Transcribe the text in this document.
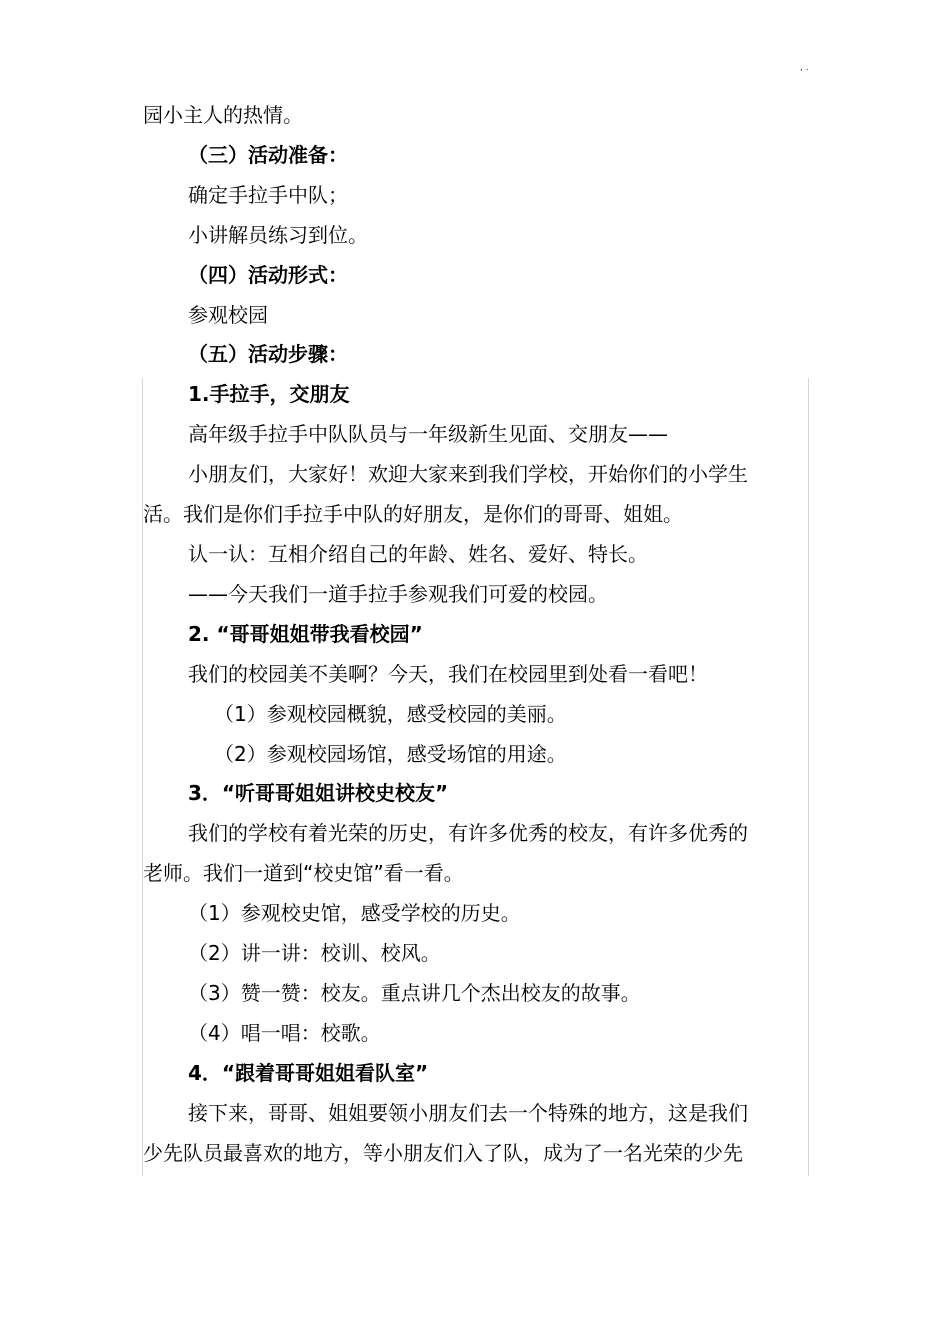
, .

园小主人的热情。

（三）活动准备：

确定手拉手中队；

小讲解员练习到位。

（四）活动形式：

参观校园

（五）活动步骤：

1.手拉手，交朋友

高年级手拉手中队队员与一年级新生见面、交朋友——

小朋友们，大家好！欢迎大家来到我们学校，开始你们的小学生

活。我们是你们手拉手中队的好朋友，是你们的哥哥、姐姐。

认一认：互相介绍自己的年龄、姓名、爱好、特长。

——今天我们一道手拉手参观我们可爱的校园。

2. “哥哥姐姐带我看校园”

我们的校园美不美啊？今天，我们在校园里到处看一看吧！

（1）参观校园概貌，感受校园的美丽。

（2）参观校园场馆，感受场馆的用途。

3．“听哥哥姐姐讲校史校友”

我们的学校有着光荣的历史，有许多优秀的校友，有许多优秀的

老师。我们一道到“校史馆”看一看。

（1）参观校史馆，感受学校的历史。

（2）讲一讲：校训、校风。

（3）赞一赞：校友。重点讲几个杰出校友的故事。

（4）唱一唱：校歌。

4．“跟着哥哥姐姐看队室”

接下来，哥哥、姐姐要领小朋友们去一个特殊的地方，这是我们

少先队员最喜欢的地方，等小朋友们入了队，成为了一名光荣的少先
